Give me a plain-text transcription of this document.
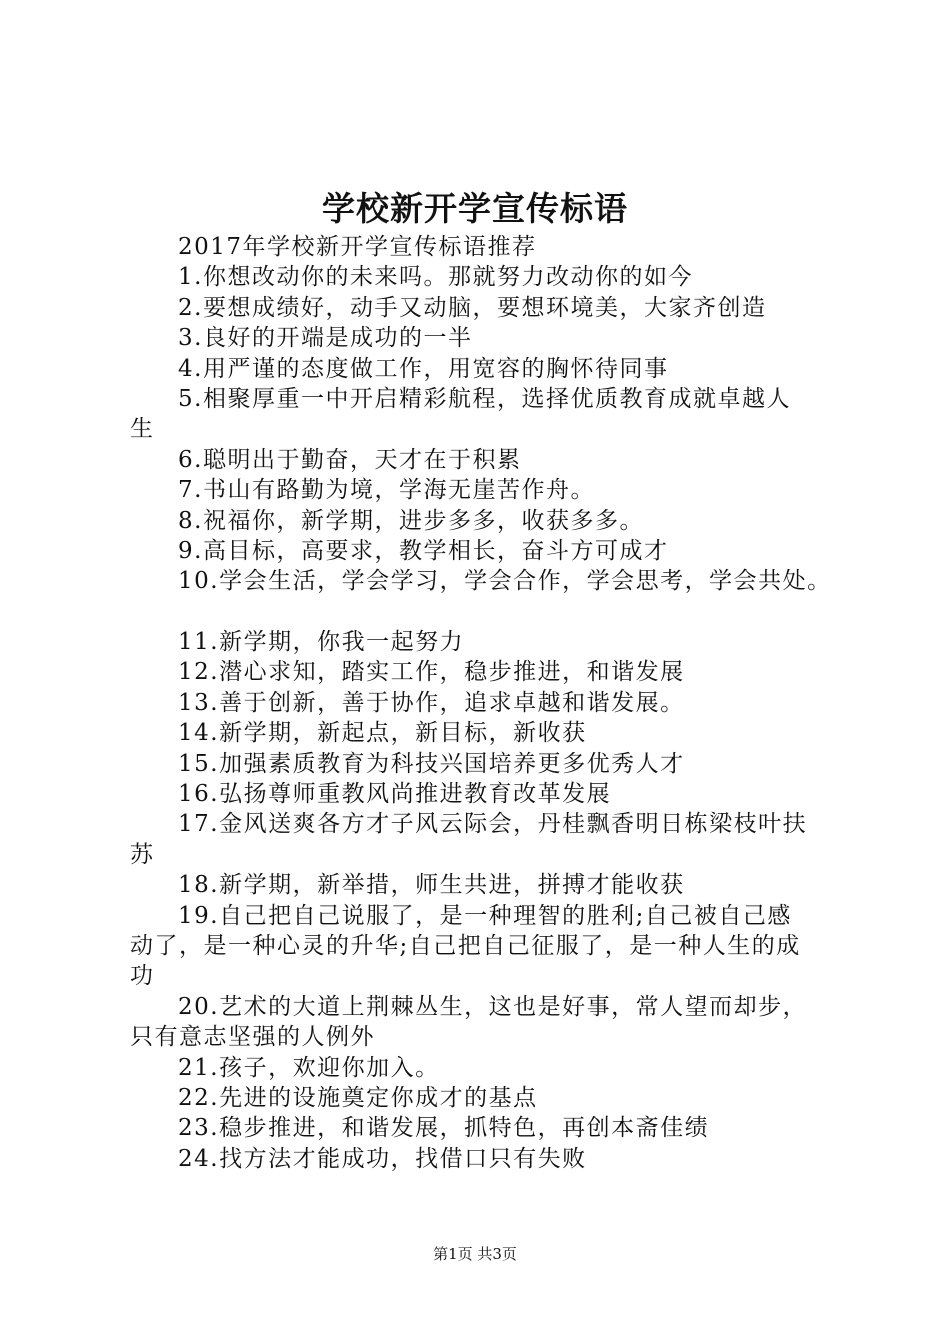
学校新开学宣传标语
2017年学校新开学宣传标语推荐
1.你想改动你的未来吗。那就努力改动你的如今
2.要想成绩好，动手又动脑，要想环境美，大家齐创造
3.良好的开端是成功的一半
4.用严谨的态度做工作，用宽容的胸怀待同事
5.相聚厚重一中开启精彩航程，选择优质教育成就卓越人
生
6.聪明出于勤奋，天才在于积累
7.书山有路勤为境，学海无崖苦作舟。
8.祝福你，新学期，进步多多，收获多多。
9.高目标，高要求，教学相长，奋斗方可成才
10.学会生活，学会学习，学会合作，学会思考，学会共处。
11.新学期，你我一起努力
12.潜心求知，踏实工作，稳步推进，和谐发展
13.善于创新，善于协作，追求卓越和谐发展。
14.新学期，新起点，新目标，新收获
15.加强素质教育为科技兴国培养更多优秀人才
16.弘扬尊师重教风尚推进教育改革发展
17.金风送爽各方才子风云际会，丹桂飘香明日栋梁枝叶扶
苏
18.新学期，新举措，师生共进，拼搏才能收获
19.自己把自己说服了，是一种理智的胜利;自己被自己感
动了，是一种心灵的升华;自己把自己征服了，是一种人生的成
功
20.艺术的大道上荆棘丛生，这也是好事，常人望而却步，
只有意志坚强的人例外
21.孩子，欢迎你加入。
22.先进的设施奠定你成才的基点
23.稳步推进，和谐发展，抓特色，再创本斋佳绩
24.找方法才能成功，找借口只有失败
第1页 共3页
